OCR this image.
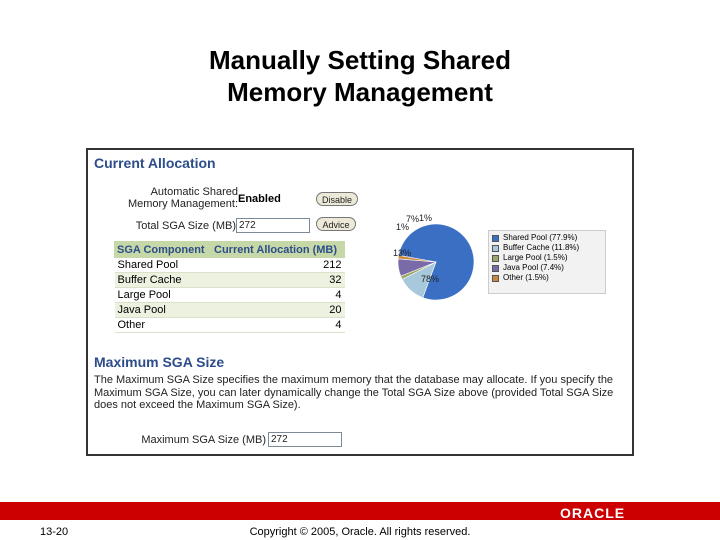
Manually Setting Shared
Memory Management
Current Allocation
Automatic Shared
Memory Management: Enabled	Disable
Total SGA Size (MB) 272	Advice
SGA Component	Current Allocation (MB)
Shared Pool	212
Buffer Cache	32
Large Pool	4
Java Pool	20
Other	4
78%
13%
1%
7% 1%
Shared Pool (77.9%)
Buffer Cache (11.8%)
Large Pool (1.5%)
Java Pool (7.4%)
Other (1.5%)
Maximum SGA Size
The Maximum SGA Size specifies the maximum memory that the database may allocate. If you specify the Maximum SGA Size, you can later dynamically change the Total SGA Size above (provided Total SGA Size does not exceed the Maximum SGA Size).
Maximum SGA Size (MB) 272
ORACLE
13-20	Copyright © 2005, Oracle. All rights reserved.
